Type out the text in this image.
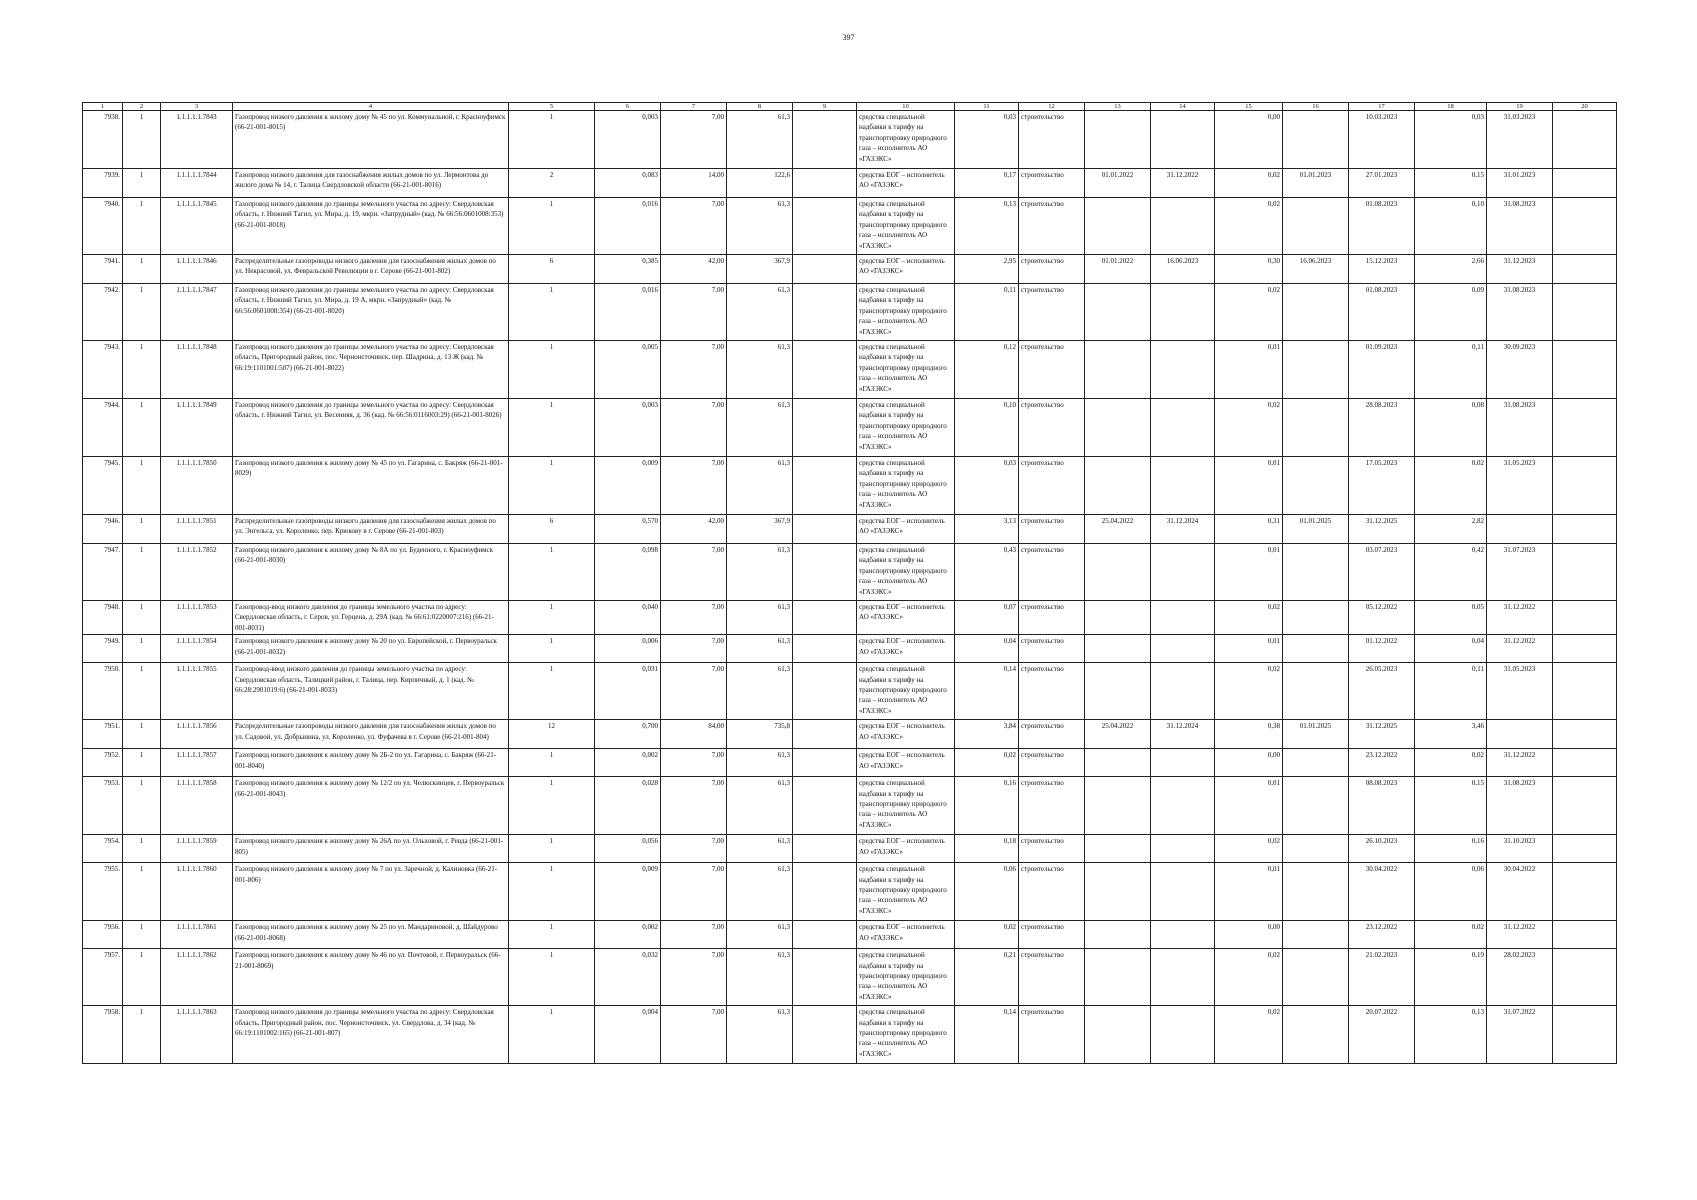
397
1	2	3	4	5	6	7	8	9	10	11	12	13	14	15	16	17	18	19	20
7938.	1	1.1.1.1.1.7843	Газопровод низкого давления к жилому дому № 45 по ул. Коммунальной, г. Красноуфимск (66-21-001-8015)	1	0,003	7,00	61,3		средства специальной надбавки к тарифу на транспортировку природного газа – исполнитель АО «ГАЗЭКС»	0,03	строительство			0,00		10.03.2023	0,03	31.03.2023	
7939.	1	1.1.1.1.1.7844	Газопровод низкого давления для газоснабжения жилых домов по ул. Лермонтова до жилого дома № 14, г. Талица Свердловской области (66-21-001-8016)	2	0,083	14,00	122,6		средства ЕОГ – исполнитель АО «ГАЗЭКС»	0,17	строительство	01.01.2022	31.12.2022	0,02	01.01.2023	27.01.2023	0,15	31.01.2023	
7940.	1	1.1.1.1.1.7845	Газопровод низкого давления до границы земельного участка по адресу: Свердловская область, г. Нижний Тагил, ул. Мира, д. 19, мкрн. «Запрудный» (кад. № 66:56:0601008:353) (66-21-001-8018)	1	0,016	7,00	61,3		средства специальной надбавки к тарифу на транспортировку природного газа – исполнитель АО «ГАЗЭКС»	0,13	строительство			0,02		01.08.2023	0,10	31.08.2023	
7941.	1	1.1.1.1.1.7846	Распределительные газопроводы низкого давления для газоснабжения жилых домов по ул. Некрасовой, ул. Февральской Революции в г. Серове (66-21-001-802)	6	0,385	42,00	367,9		средства ЕОГ – исполнитель АО «ГАЗЭКС»	2,95	строительство	01.01.2022	16.06.2023	0,30	16.06.2023	15.12.2023	2,66	31.12.2023	
7942.	1	1.1.1.1.1.7847	Газопровод низкого давления до границы земельного участка по адресу: Свердловская область, г. Нижний Тагил, ул. Мира, д. 19 А, мкрн. «Запрудный» (кад. № 66:56:0601008:354) (66-21-001-8020)	1	0,016	7,00	61,3		средства специальной надбавки к тарифу на транспортировку природного газа – исполнитель АО «ГАЗЭКС»	0,11	строительство			0,02		01.08.2023	0,09	31.08.2023	
7943.	1	1.1.1.1.1.7848	Газопровод низкого давления до границы земельного участка по адресу: Свердловская область, Пригородный район, пос. Черноисточинск, пер. Шадрина, д. 13 Ж (кад. № 66:19:1101001:507) (66-21-001-8022)	1	0,005	7,00	61,3		средства специальной надбавки к тарифу на транспортировку природного газа – исполнитель АО «ГАЗЭКС»	0,12	строительство			0,01		01.09.2023	0,11	30.09.2023	
7944.	1	1.1.1.1.1.7849	Газопровод низкого давления до границы земельного участка по адресу: Свердловская область, г. Нижний Тагил, ул. Весенняя, д. 36 (кад. № 66:56:0116003:29) (66-21-001-8026)	1	0,003	7,00	61,3		средства специальной надбавки к тарифу на транспортировку природного газа – исполнитель АО «ГАЗЭКС»	0,10	строительство			0,02		28.08.2023	0,08	31.08.2023	
7945.	1	1.1.1.1.1.7850	Газопровод низкого давления к жилому дому № 45 по ул. Гагарина, с. Бакряж (66-21-001-8029)	1	0,009	7,00	61,3		средства специальной надбавки к тарифу на транспортировку природного газа – исполнитель АО «ГАЗЭКС»	0,03	строительство			0,01		17.05.2023	0,02	31.05.2023	
7946.	1	1.1.1.1.1.7851	Распределительные газопроводы низкого давления для газоснабжения жилых домов по ул. Энгельса, ул. Короленко, пер. Крюкову в г. Серове (66-21-001-803)	6	0,570	42,00	367,9		средства ЕОГ – исполнитель АО «ГАЗЭКС»	3,13	строительство	25.04.2022	31.12.2024	0,31	01.01.2025	31.12.2025	2,82		
7947.	1	1.1.1.1.1.7852	Газопровод низкого давления к жилому дому № 8А по ул. Буденного, г. Красноуфимск (66-21-001-8030)	1	0,098	7,00	61,3		средства специальной надбавки к тарифу на транспортировку природного газа – исполнитель АО «ГАЗЭКС»	0,43	строительство			0,01		03.07.2023	0,42	31.07.2023	
7948.	1	1.1.1.1.1.7853	Газопровод-ввод низкого давления до границы земельного участка по адресу: Свердловская область, г. Серов, ул. Герцена, д. 29А (кад. № 66:61:0220007:216) (66-21-001-8031)	1	0,040	7,00	61,3		средства ЕОГ – исполнитель АО «ГАЗЭКС»	0,07	строительство			0,02		05.12.2022	0,05	31.12.2022	
7949.	1	1.1.1.1.1.7854	Газопровод низкого давления к жилому дому № 20 по ул. Европейской, г. Первоуральск (66-21-001-8032)	1	0,006	7,00	61,3		средства ЕОГ – исполнитель АО «ГАЗЭКС»	0,04	строительство			0,01		01.12.2022	0,04	31.12.2022	
7950.	1	1.1.1.1.1.7855	Газопровод-ввод низкого давления до границы земельного участка по адресу: Свердловская область, Талицкий район, г. Талица, пер. Кирпичный, д. 1 (кад. № 66:28:2901019:6) (66-21-001-8033)	1	0,031	7,00	61,3		средства специальной надбавки к тарифу на транспортировку природного газа – исполнитель АО «ГАЗЭКС»	0,14	строительство			0,02		26.05.2023	0,11	31.05.2023	
7951.	1	1.1.1.1.1.7856	Распределительные газопроводы низкого давления для газоснабжения жилых домов по ул. Садовой, ул. Добрынина, ул. Короленко, ул. Фуфачева в г. Серове (66-21-001-804)	12	0,700	84,00	735,8		средства ЕОГ – исполнитель АО «ГАЗЭКС»	3,84	строительство	25.04.2022	31.12.2024	0,38	01.01.2025	31.12.2025	3,46		
7952.	1	1.1.1.1.1.7857	Газопровод низкого давления к жилому дому № 2Б-2 по ул. Гагарина, с. Бакряж (66-21-001-8040)	1	0,002	7,00	61,3		средства ЕОГ – исполнитель АО «ГАЗЭКС»	0,02	строительство			0,00		23.12.2022	0,02	31.12.2022	
7953.	1	1.1.1.1.1.7858	Газопровод низкого давления к жилому дому № 12/2 по ул. Челюскинцев, г. Первоуральск (66-21-001-8043)	1	0,028	7,00	61,3		средства специальной надбавки к тарифу на транспортировку природного газа – исполнитель АО «ГАЗЭКС»	0,16	строительство			0,01		08.08.2023	0,15	31.08.2023	
7954.	1	1.1.1.1.1.7859	Газопровод низкого давления к жилому дому № 26А по ул. Ольховой, г. Ревда (66-21-001-805)	1	0,056	7,00	61,3		средства ЕОГ – исполнитель АО «ГАЗЭКС»	0,18	строительство			0,02		26.10.2023	0,16	31.10.2023	
7955.	1	1.1.1.1.1.7860	Газопровод низкого давления к жилому дому № 7 по ул. Заречной, д. Калиновка (66-21-001-806)	1	0,009	7,00	61,3		средства специальной надбавки к тарифу на транспортировку природного газа – исполнитель АО «ГАЗЭКС»	0,06	строительство			0,01		30.04.2022	0,06	30.04.2022	
7956.	1	1.1.1.1.1.7861	Газопровод низкого давления к жилому дому № 25 по ул. Мандариновой, д. Шайдурово (66-21-001-8068)	1	0,002	7,00	61,3		средства ЕОГ – исполнитель АО «ГАЗЭКС»	0,02	строительство			0,00		23.12.2022	0,02	31.12.2022	
7957.	1	1.1.1.1.1.7862	Газопровод низкого давления к жилому дому № 46 по ул. Почтовой, г. Первоуральск (66-21-001-8069)	1	0,032	7,00	61,3		средства специальной надбавки к тарифу на транспортировку природного газа – исполнитель АО «ГАЗЭКС»	0,21	строительство			0,02		21.02.2023	0,19	28.02.2023	
7958.	1	1.1.1.1.1.7863	Газопровод низкого давления до границы земельного участка по адресу: Свердловская область, Пригородный район, пос. Черноисточинск, ул. Свердлова, д. 34 (кад. № 66:19:1101002:165) (66-21-001-807)	1	0,004	7,00	61,3		средства специальной надбавки к тарифу на транспортировку природного газа – исполнитель АО «ГАЗЭКС»	0,14	строительство			0,02		20.07.2022	0,13	31.07.2022	
